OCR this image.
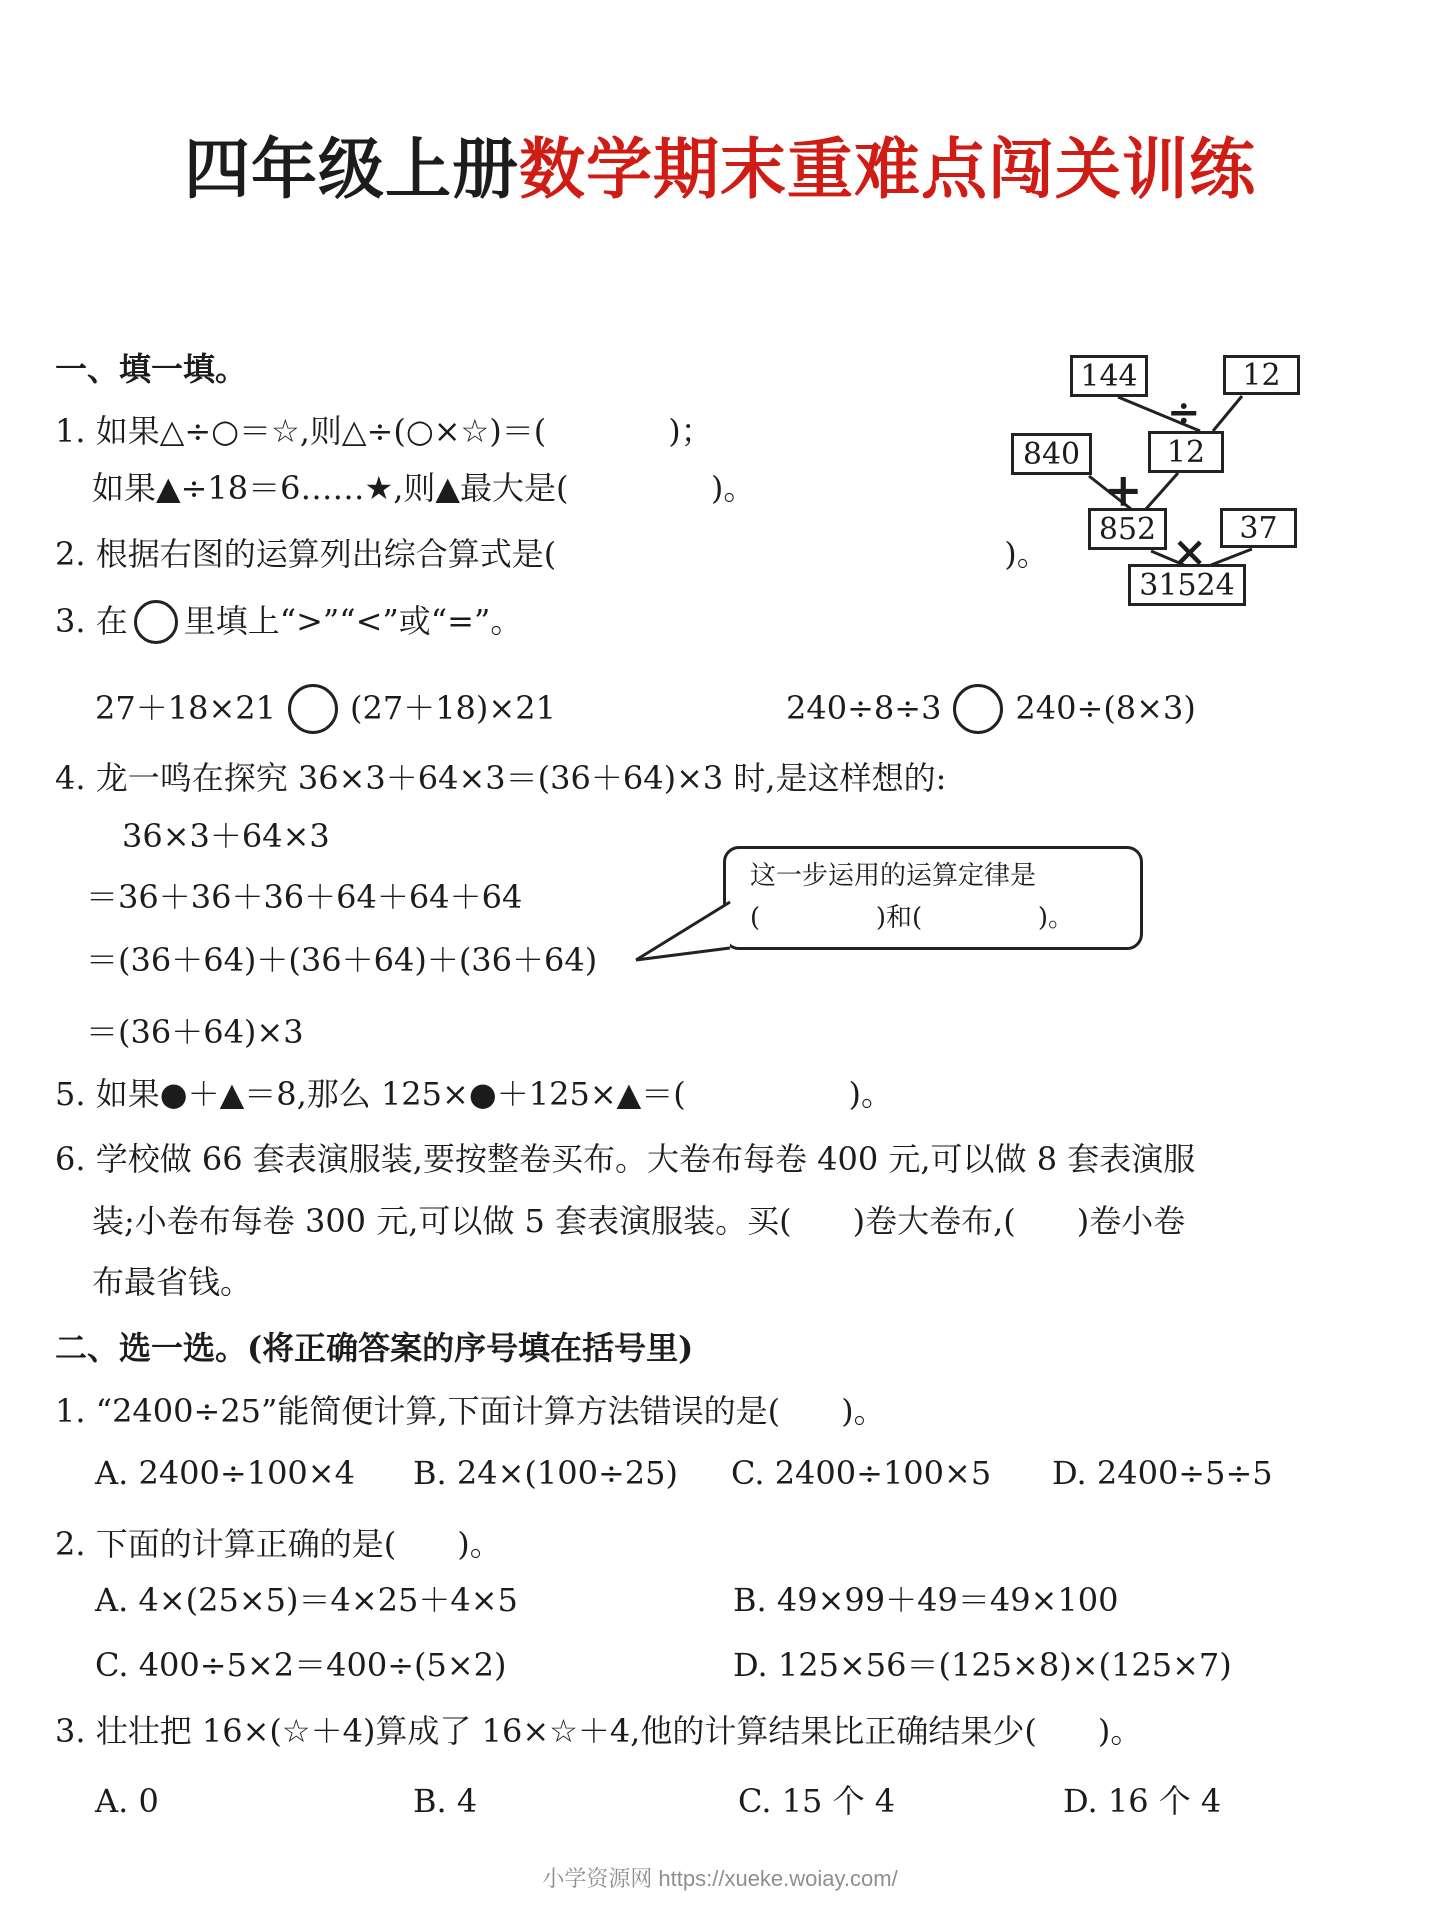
四年级上册数学期末重难点闯关训练
一、填一填。
1. 如果△÷○＝☆,则△÷(○×☆)＝(            )；
如果▲÷18＝6……★,则▲最大是(              )。
2. 根据右图的运算列出综合算式是(	)。
3. 在 里填上“>”“<”或“=”。
27＋18×21 (27＋18)×21	240÷8÷3 240÷(8×3)
4. 龙一鸣在探究 36×3＋64×3＝(36＋64)×3 时,是这样想的:
36×3＋64×3
＝36＋36＋36＋64＋64＋64
＝(36＋64)＋(36＋64)＋(36＋64)
＝(36＋64)×3
这一步运用的运算定律是
(              )和(              )。
5. 如果●＋▲＝8,那么 125×●＋125×▲＝(                )。
6. 学校做 66 套表演服装,要按整卷买布。大卷布每卷 400 元,可以做 8 套表演服
装;小卷布每卷 300 元,可以做 5 套表演服装。买(      )卷大卷布,(      )卷小卷
布最省钱。
144	12
12
840
852	37
31524
÷
+
×
二、选一选。(将正确答案的序号填在括号里)
1. “2400÷25”能简便计算,下面计算方法错误的是(      )。
A. 2400÷100×4 B. 24×(100÷25) C. 2400÷100×5 D. 2400÷5÷5
2. 下面的计算正确的是(      )。
A. 4×(25×5)＝4×25＋4×5	B. 49×99＋49＝49×100
C. 400÷5×2＝400÷(5×2)	D. 125×56＝(125×8)×(125×7)
3. 壮壮把 16×(☆＋4)算成了 16×☆＋4,他的计算结果比正确结果少(      )。
A. 0	B. 4	C. 15 个 4	D. 16 个 4
小学资源网 https://xueke.woiay.com/
